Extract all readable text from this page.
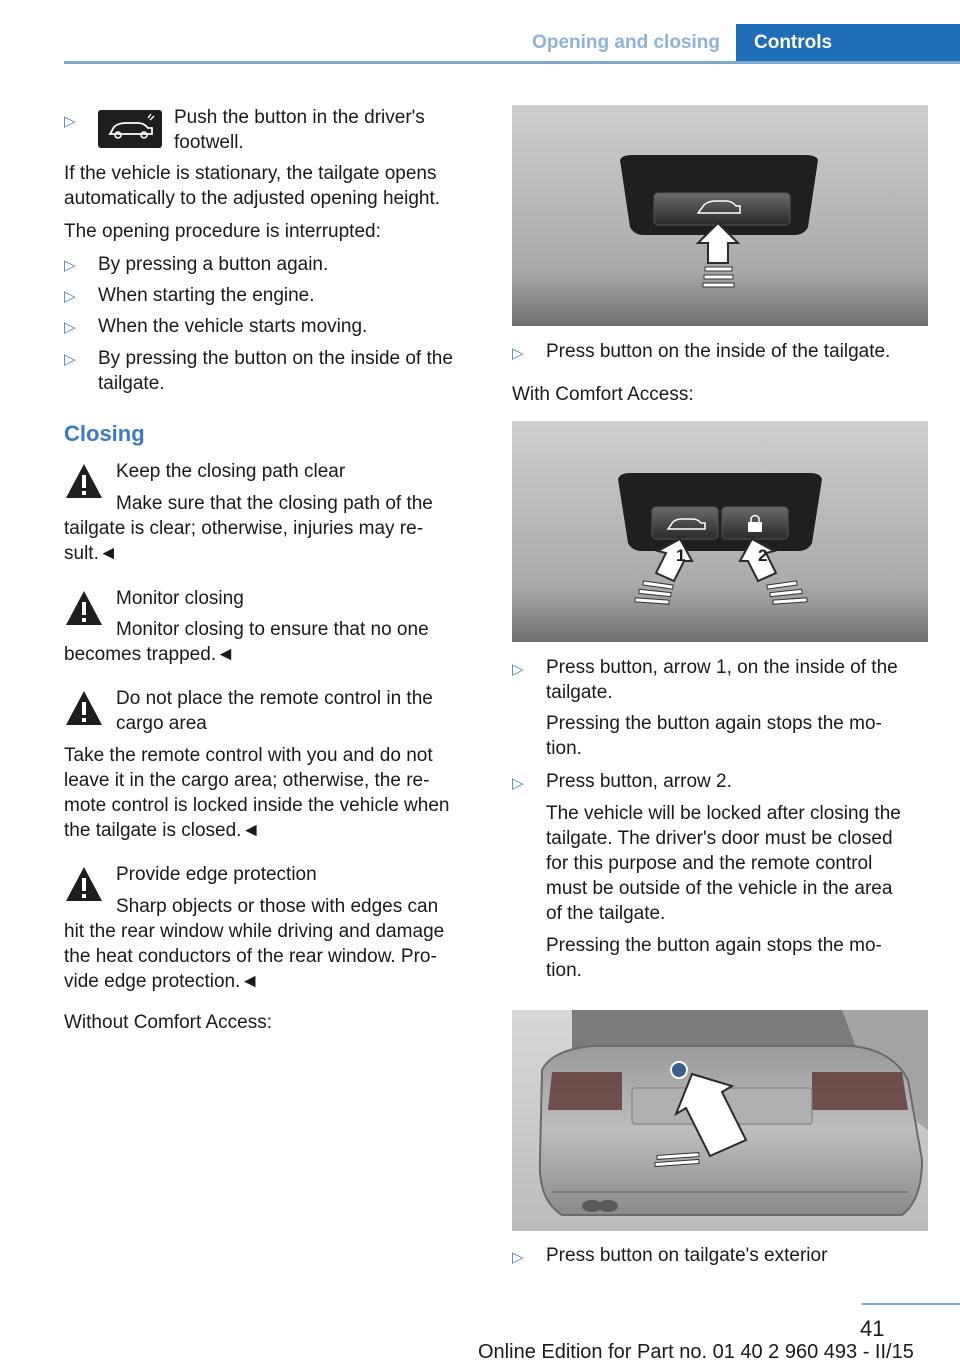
Opening and closing	Controls
▷	Push the button in the driver's
footwell.
If the vehicle is stationary, the tailgate opens
automatically to the adjusted opening height.
The opening procedure is interrupted:
▷ By pressing a button again.
▷ When starting the engine.
▷ When the vehicle starts moving.
▷ By pressing the button on the inside of the
tailgate.
Closing
Keep the closing path clear
Make sure that the closing path of the
tailgate is clear; otherwise, injuries may re‐
sult.◄
Monitor closing
Monitor closing to ensure that no one
becomes trapped.◄
Do not place the remote control in the
cargo area
Take the remote control with you and do not
leave it in the cargo area; otherwise, the re‐
mote control is locked inside the vehicle when
the tailgate is closed.◄
Provide edge protection
Sharp objects or those with edges can
hit the rear window while driving and damage
the heat conductors of the rear window. Pro‐
vide edge protection.◄
Without Comfort Access:
▷ Press button on the inside of the tailgate.
With Comfort Access:
1	2
▷ Press button, arrow 1, on the inside of the
tailgate.
Pressing the button again stops the mo‐
tion.
▷ Press button, arrow 2.
The vehicle will be locked after closing the
tailgate. The driver's door must be closed
for this purpose and the remote control
must be outside of the vehicle in the area
of the tailgate.
Pressing the button again stops the mo‐
tion.
▷ Press button on tailgate's exterior
41
Online Edition for Part no. 01 40 2 960 493 - II/15
